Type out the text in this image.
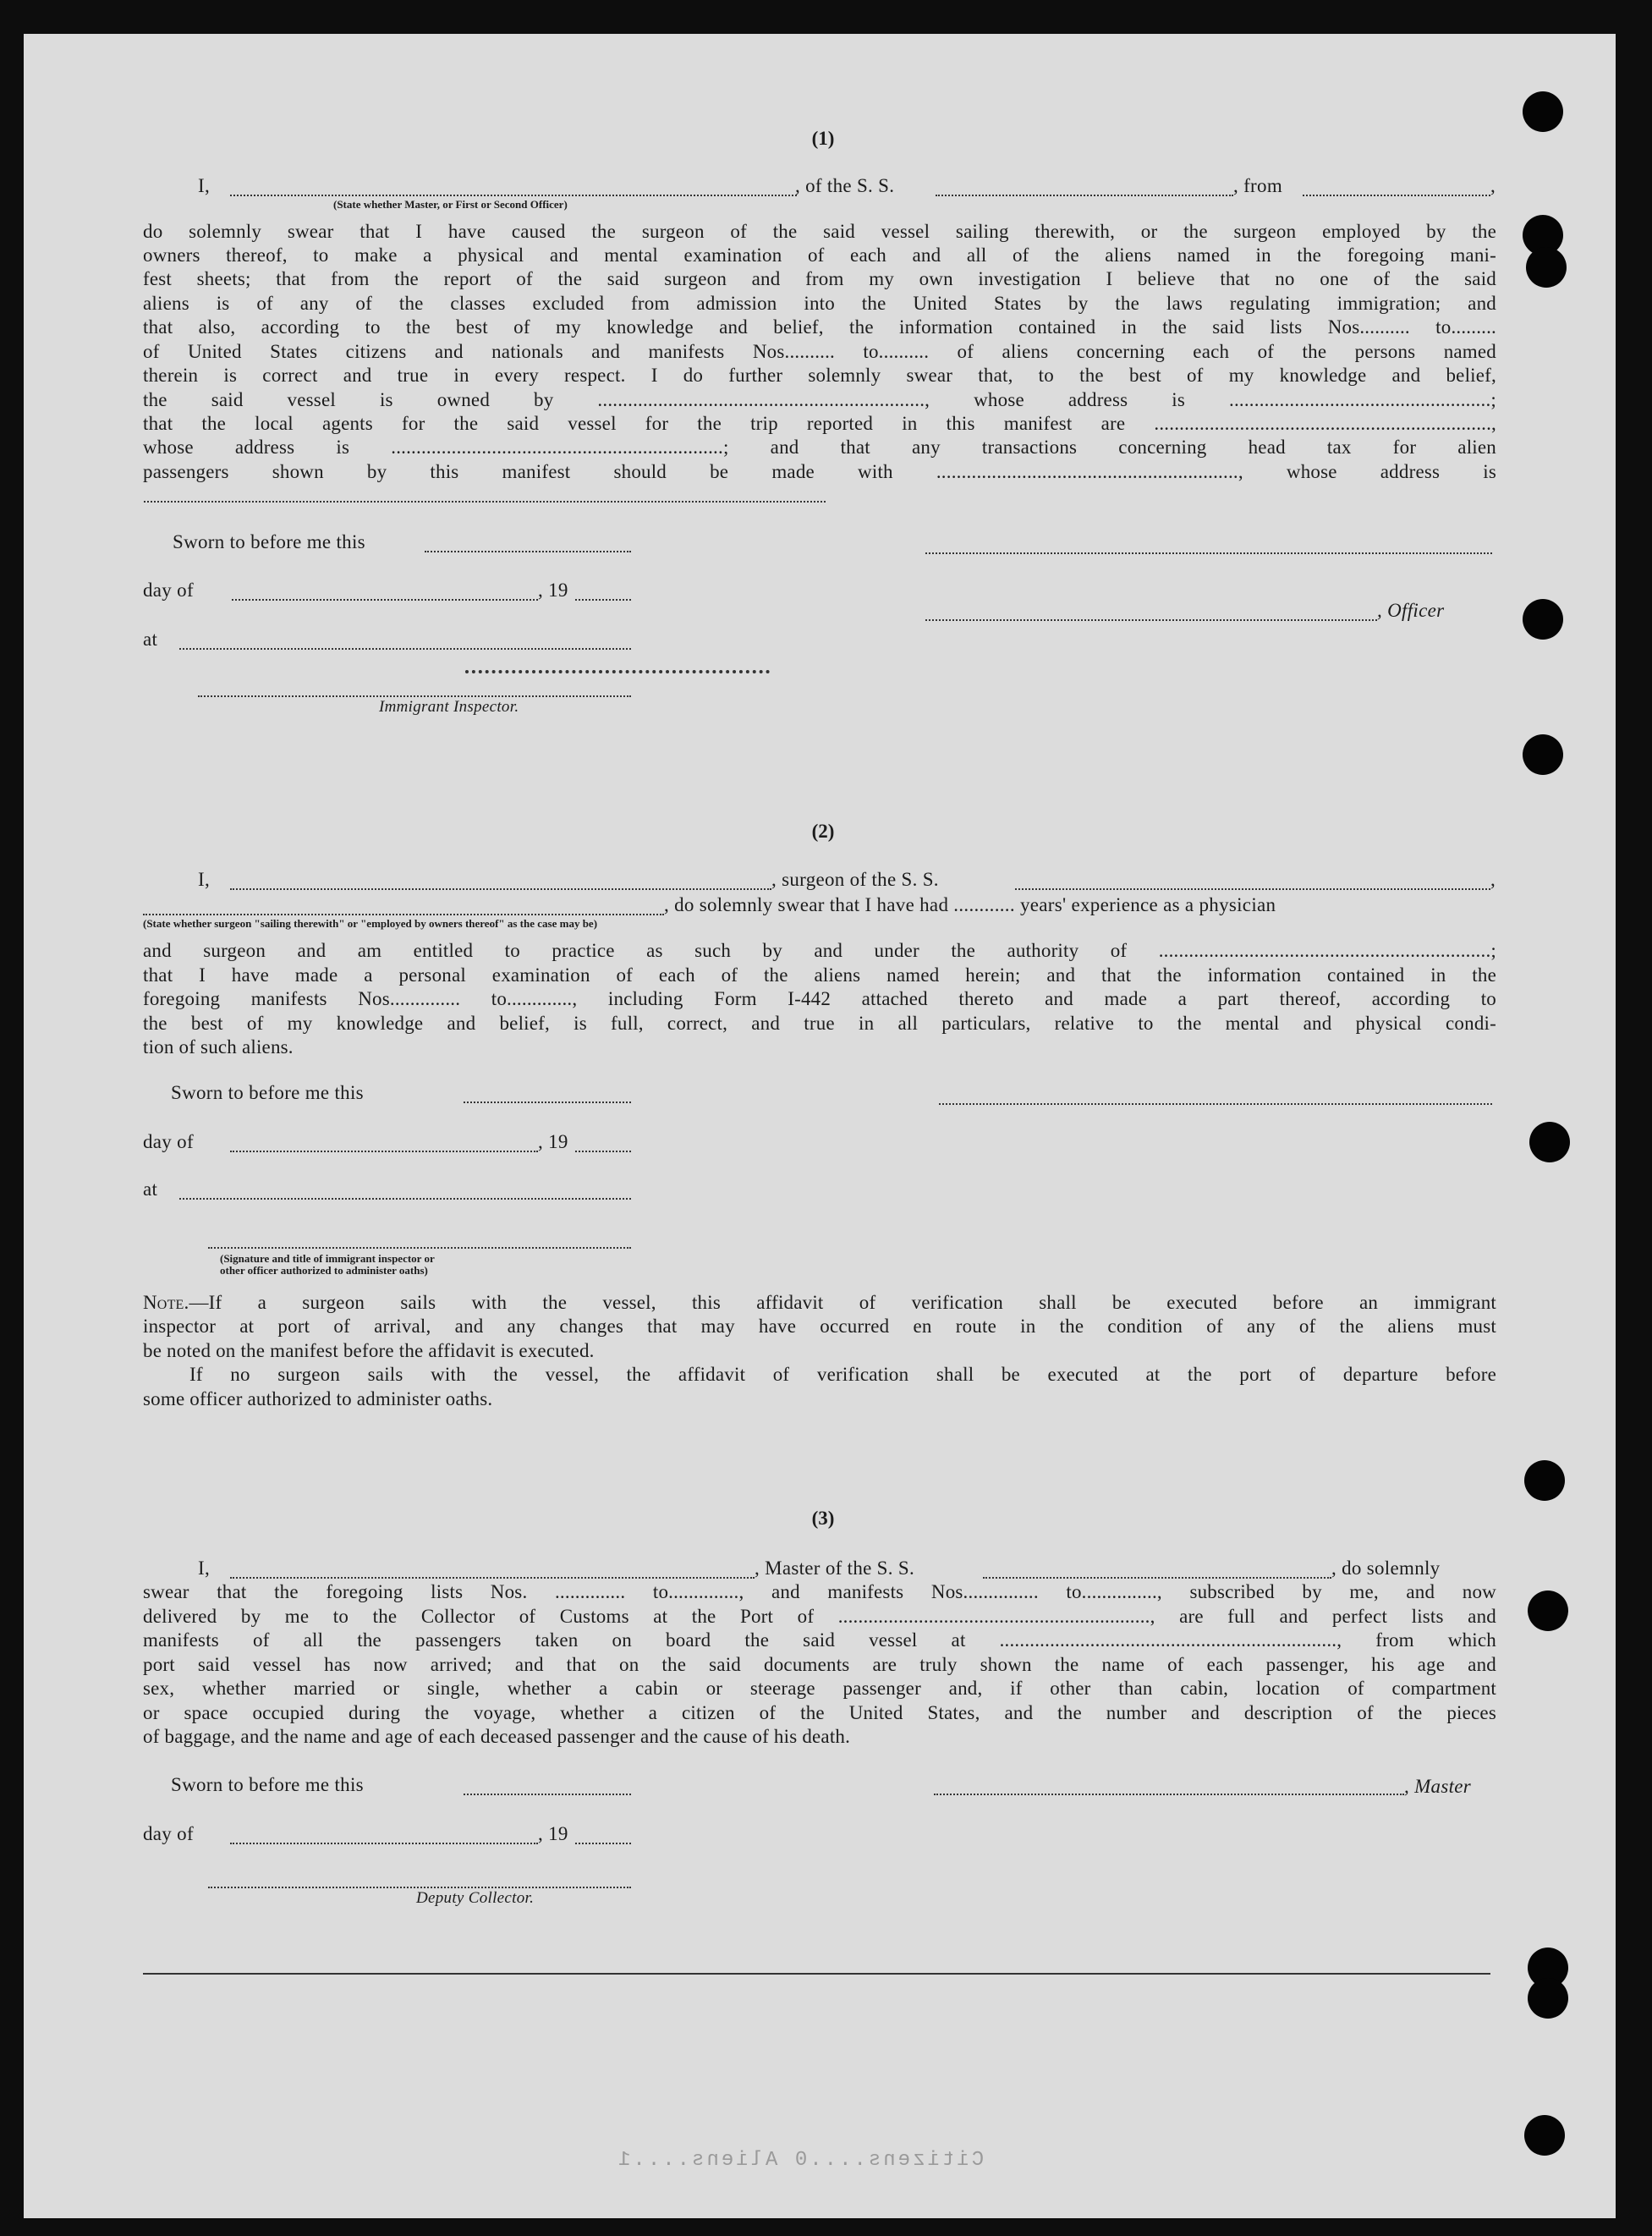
(1)
I,	, of the S. S.	, from	,
(State whether Master, or First or Second Officer)
do solemnly swear that I have caused the surgeon of the said vessel sailing therewith, or the surgeon employed by the
owners thereof, to make a physical and mental examination of each and all of the aliens named in the foregoing mani-
fest sheets; that from the report of the said surgeon and from my own investigation I believe that no one of the said
aliens is of any of the classes excluded from admission into the United States by the laws regulating immigration; and
that also, according to the best of my knowledge and belief, the information contained in the said lists Nos.......... to.........
of United States citizens and nationals and manifests Nos.......... to.......... of aliens concerning each of the persons named
therein is correct and true in every respect. I do further solemnly swear that, to the best of my knowledge and belief,
the said vessel is owned by ................................................................., whose address is ....................................................;
that the local agents for the said vessel for the trip reported in this manifest are ...................................................................,
whose address is ..................................................................; and that any transactions concerning head tax for alien
passengers shown by this manifest should be made with ............................................................, whose address is
Sworn to before me this
day of	, 19
, Officer
at
Immigrant Inspector.
(2)
I,	, surgeon of the S. S.	,
, do solemnly swear that I have had ............ years' experience as a physician
(State whether surgeon "sailing therewith" or "employed by owners thereof" as the case may be)
and surgeon and am entitled to practice as such by and under the authority of ..................................................................;
that I have made a personal examination of each of the aliens named herein; and that the information contained in the
foregoing manifests Nos.............. to............., including Form I-442 attached thereto and made a part thereof, according to
the best of my knowledge and belief, is full, correct, and true in all particulars, relative to the mental and physical condi-
tion of such aliens.
Sworn to before me this
day of	, 19
at
(Signature and title of immigrant inspector or
other officer authorized to administer oaths)
Note.—If a surgeon sails with the vessel, this affidavit of verification shall be executed before an immigrant
inspector at port of arrival, and any changes that may have occurred en route in the condition of any of the aliens must
be noted on the manifest before the affidavit is executed.
If no surgeon sails with the vessel, the affidavit of verification shall be executed at the port of departure before
some officer authorized to administer oaths.
(3)
I,	, Master of the S. S.	, do solemnly
swear that the foregoing lists Nos. .............. to.............., and manifests Nos............... to..............., subscribed by me, and now
delivered by me to the Collector of Customs at the Port of .............................................................., are full and perfect lists and
manifests of all the passengers taken on board the said vessel at ..................................................................., from which
port said vessel has now arrived; and that on the said documents are truly shown the name of each passenger, his age and
sex, whether married or single, whether a cabin or steerage passenger and, if other than cabin, location of compartment
or space occupied during the voyage, whether a citizen of the United States, and the number and description of the pieces
of baggage, and the name and age of each deceased passenger and the cause of his death.
Sworn to before me this	, Master
day of	, 19
Deputy Collector.
Citizens....0 Aliens....1
